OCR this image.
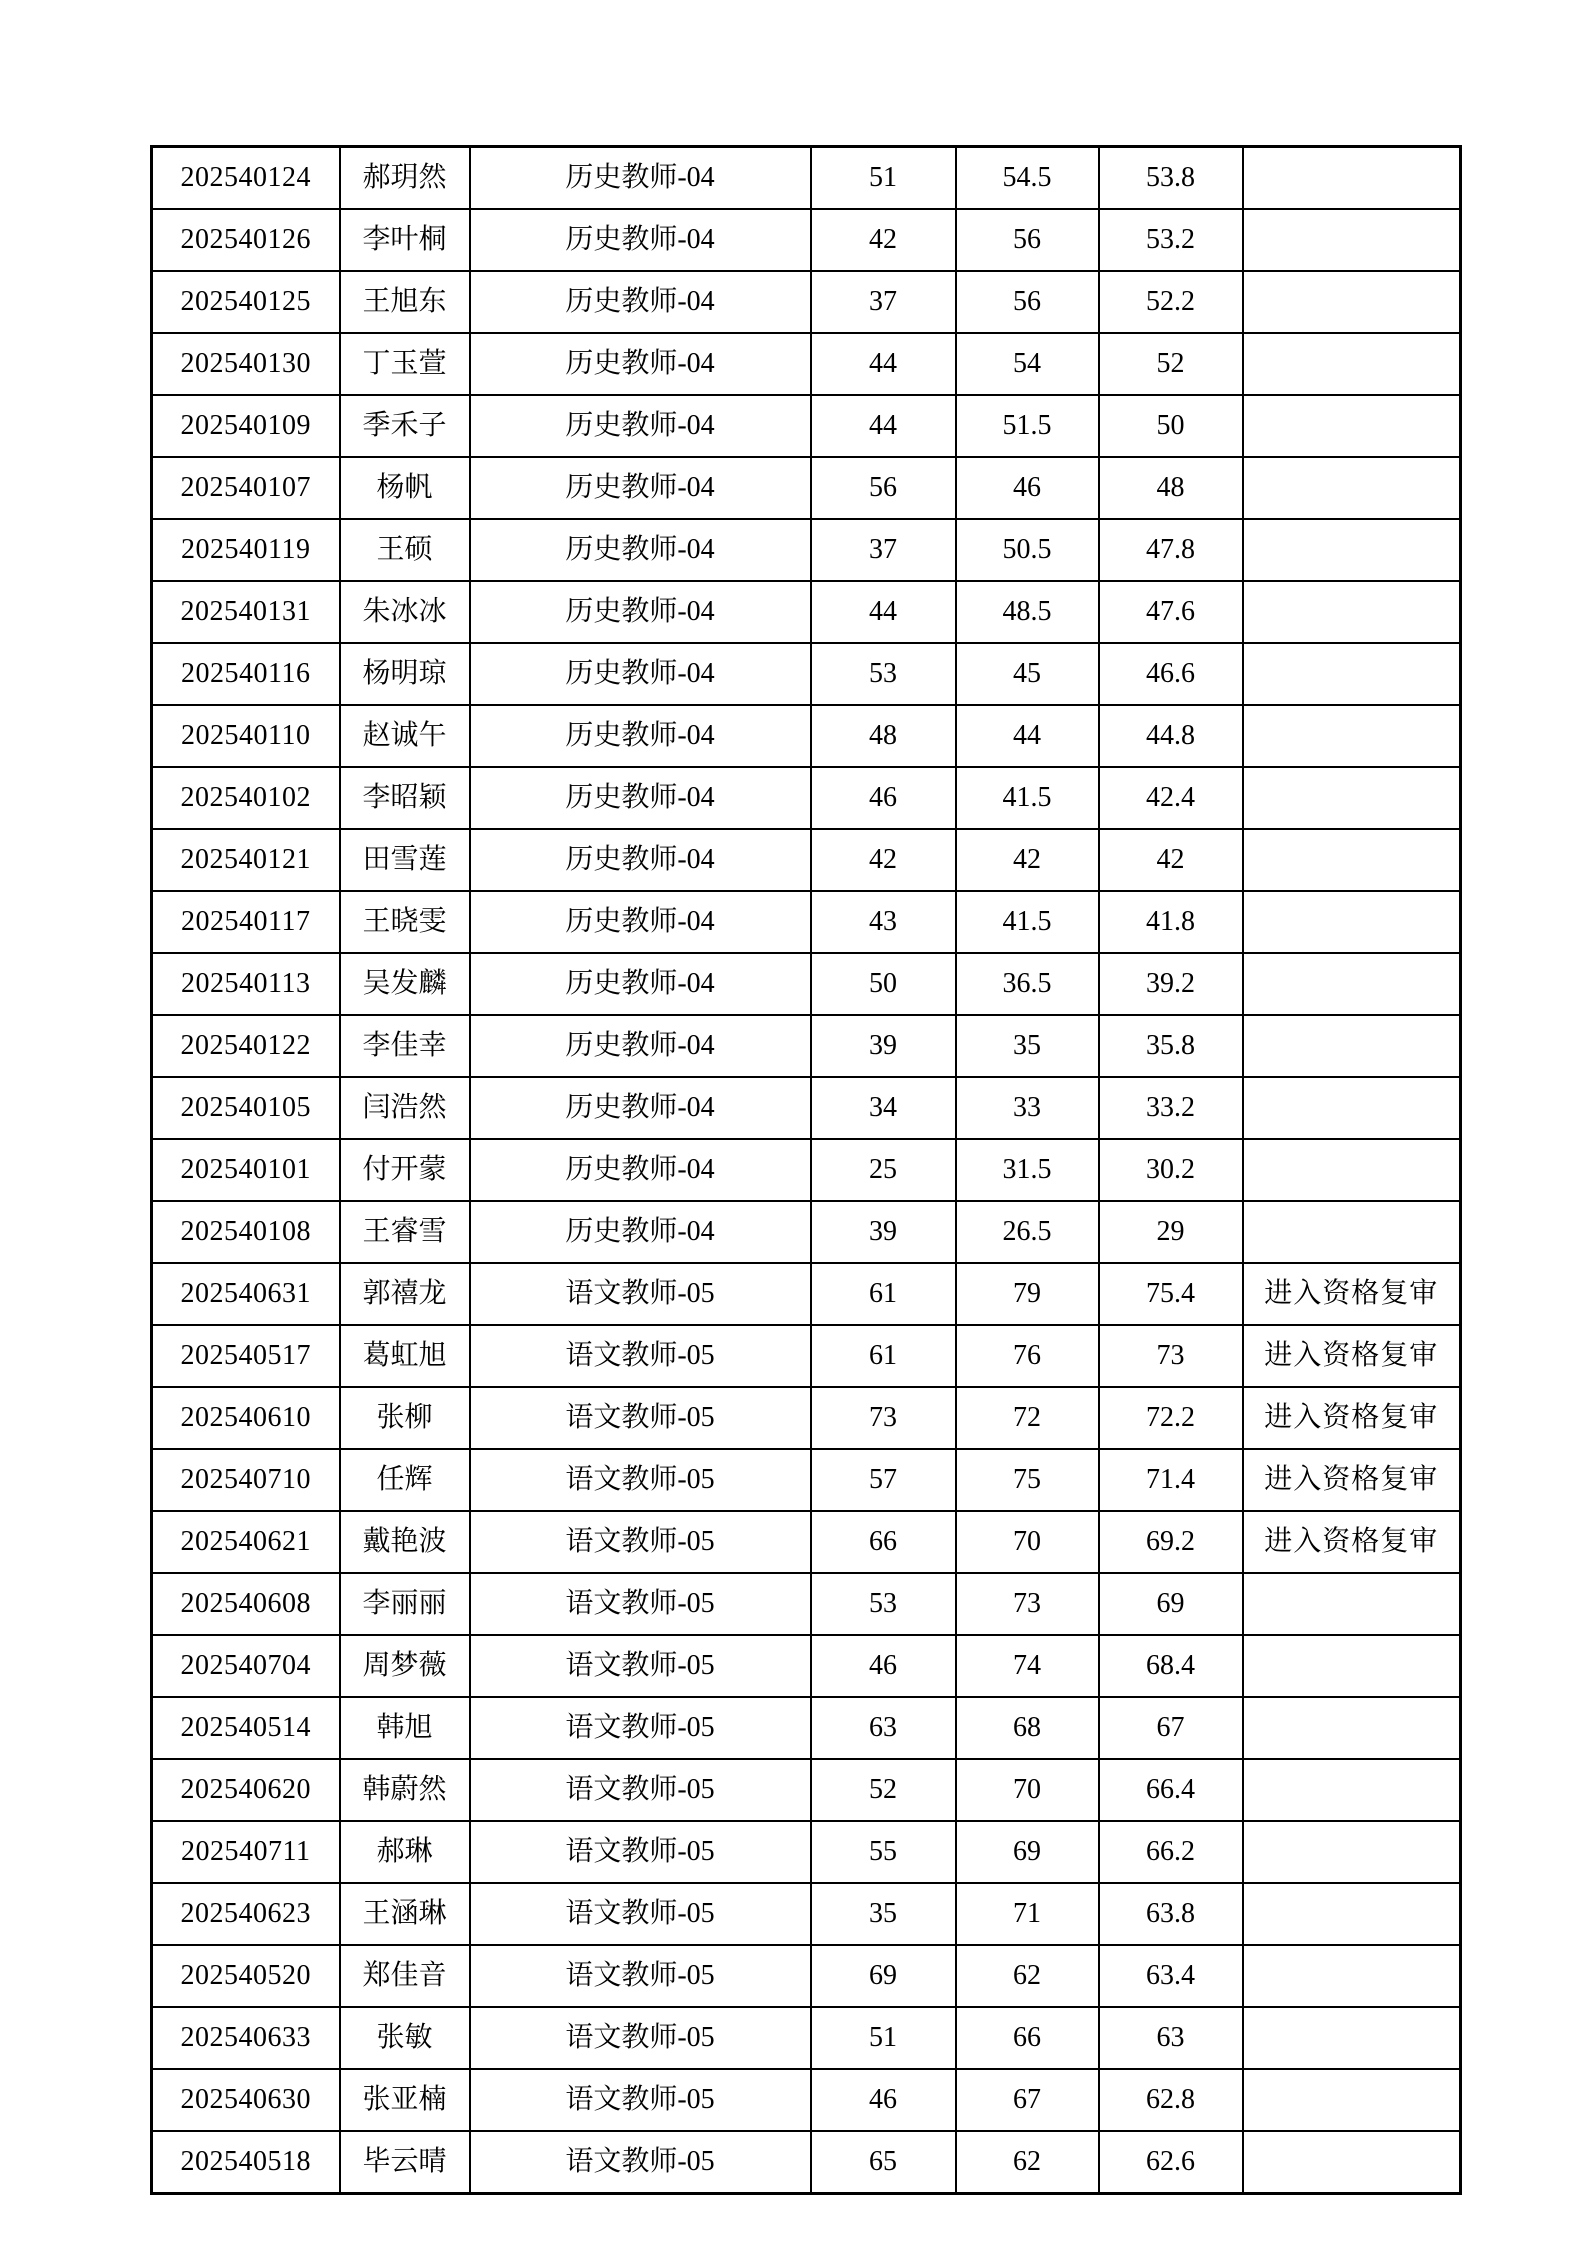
202540124	郝玥然	历史教师-04	51	54.5	53.8	
202540126	李叶桐	历史教师-04	42	56	53.2	
202540125	王旭东	历史教师-04	37	56	52.2	
202540130	丁玉萱	历史教师-04	44	54	52	
202540109	季禾子	历史教师-04	44	51.5	50	
202540107	杨帆	历史教师-04	56	46	48	
202540119	王硕	历史教师-04	37	50.5	47.8	
202540131	朱冰冰	历史教师-04	44	48.5	47.6	
202540116	杨明琼	历史教师-04	53	45	46.6	
202540110	赵诚午	历史教师-04	48	44	44.8	
202540102	李昭颖	历史教师-04	46	41.5	42.4	
202540121	田雪莲	历史教师-04	42	42	42	
202540117	王晓雯	历史教师-04	43	41.5	41.8	
202540113	吴发麟	历史教师-04	50	36.5	39.2	
202540122	李佳幸	历史教师-04	39	35	35.8	
202540105	闫浩然	历史教师-04	34	33	33.2	
202540101	付开蒙	历史教师-04	25	31.5	30.2	
202540108	王睿雪	历史教师-04	39	26.5	29	
202540631	郭禧龙	语文教师-05	61	79	75.4	进入资格复审
202540517	葛虹旭	语文教师-05	61	76	73	进入资格复审
202540610	张柳	语文教师-05	73	72	72.2	进入资格复审
202540710	任辉	语文教师-05	57	75	71.4	进入资格复审
202540621	戴艳波	语文教师-05	66	70	69.2	进入资格复审
202540608	李丽丽	语文教师-05	53	73	69	
202540704	周梦薇	语文教师-05	46	74	68.4	
202540514	韩旭	语文教师-05	63	68	67	
202540620	韩蔚然	语文教师-05	52	70	66.4	
202540711	郝琳	语文教师-05	55	69	66.2	
202540623	王涵琳	语文教师-05	35	71	63.8	
202540520	郑佳音	语文教师-05	69	62	63.4	
202540633	张敏	语文教师-05	51	66	63	
202540630	张亚楠	语文教师-05	46	67	62.8	
202540518	毕云晴	语文教师-05	65	62	62.6	
